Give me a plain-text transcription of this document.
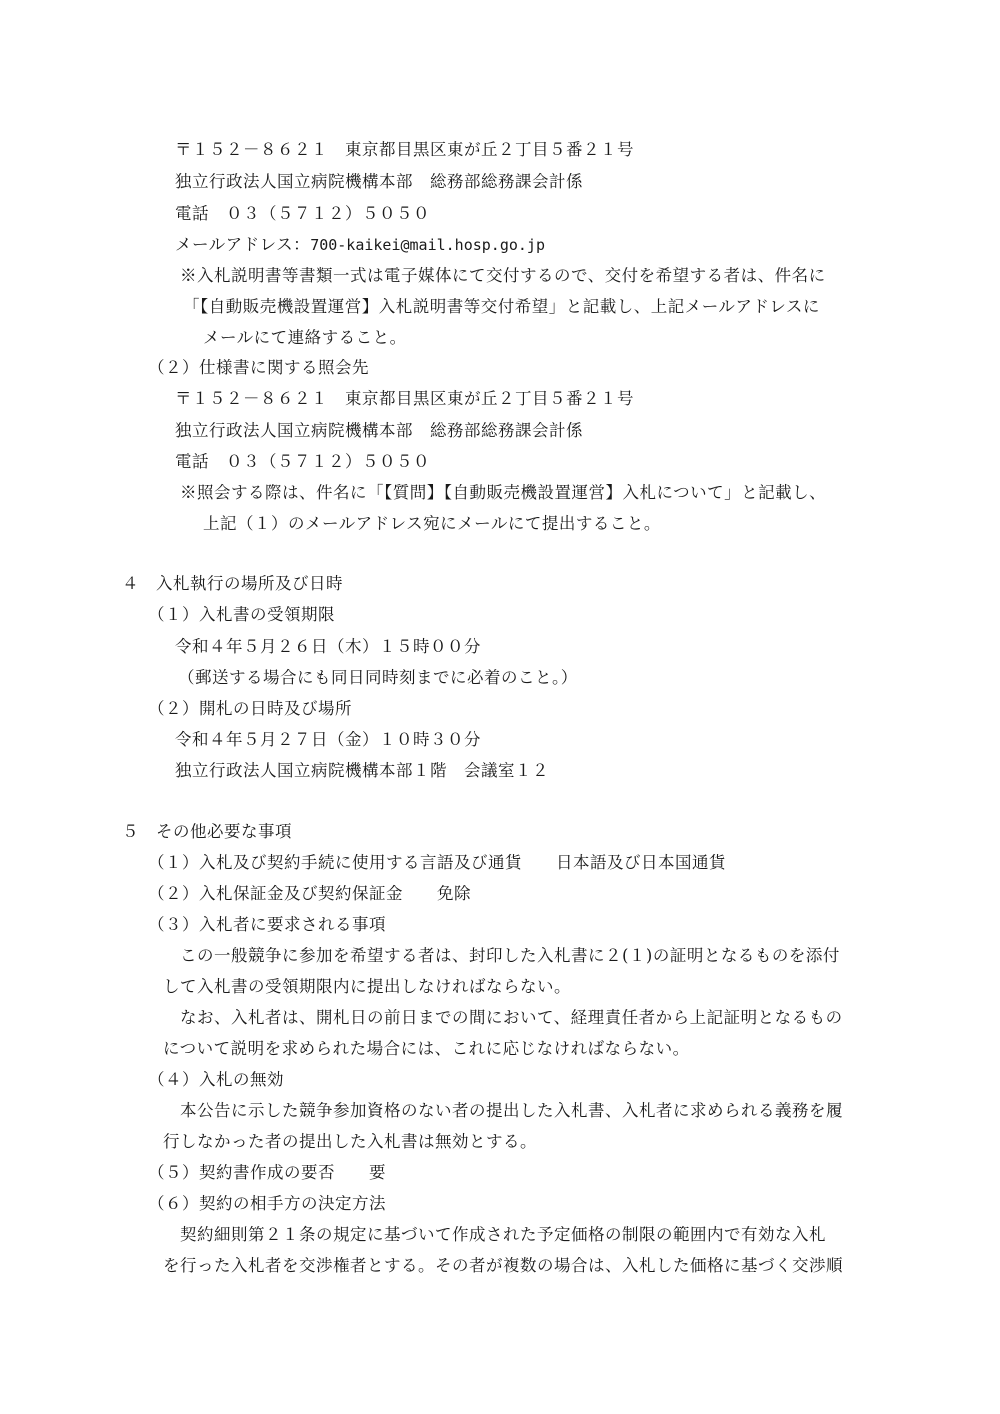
〒１５２－８６２１　東京都目黒区東が丘２丁目５番２１号
独立行政法人国立病院機構本部　総務部総務課会計係
電話　０３（５７１２）５０５０
メールアドレス：700-kaikei@mail.hosp.go.jp
※入札説明書等書類一式は電子媒体にて交付するので、交付を希望する者は、件名に
「【自動販売機設置運営】入札説明書等交付希望」と記載し、上記メールアドレスに
メールにて連絡すること。
（２）仕様書に関する照会先
〒１５２－８６２１　東京都目黒区東が丘２丁目５番２１号
独立行政法人国立病院機構本部　総務部総務課会計係
電話　０３（５７１２）５０５０
※照会する際は、件名に「【質問】【自動販売機設置運営】入札について」と記載し、
上記（１）のメールアドレス宛にメールにて提出すること。
４　入札執行の場所及び日時
（１）入札書の受領期限
令和４年５月２６日（木）１５時００分
（郵送する場合にも同日同時刻までに必着のこと。）
（２）開札の日時及び場所
令和４年５月２７日（金）１０時３０分
独立行政法人国立病院機構本部１階　会議室１２
５　その他必要な事項
（１）入札及び契約手続に使用する言語及び通貨　　日本語及び日本国通貨
（２）入札保証金及び契約保証金　　免除
（３）入札者に要求される事項
この一般競争に参加を希望する者は、封印した入札書に２(１)の証明となるものを添付
して入札書の受領期限内に提出しなければならない。
なお、入札者は、開札日の前日までの間において、経理責任者から上記証明となるもの
について説明を求められた場合には、これに応じなければならない。
（４）入札の無効
本公告に示した競争参加資格のない者の提出した入札書、入札者に求められる義務を履
行しなかった者の提出した入札書は無効とする。
（５）契約書作成の要否　　要
（６）契約の相手方の決定方法
契約細則第２１条の規定に基づいて作成された予定価格の制限の範囲内で有効な入札
を行った入札者を交渉権者とする。その者が複数の場合は、入札した価格に基づく交渉順
